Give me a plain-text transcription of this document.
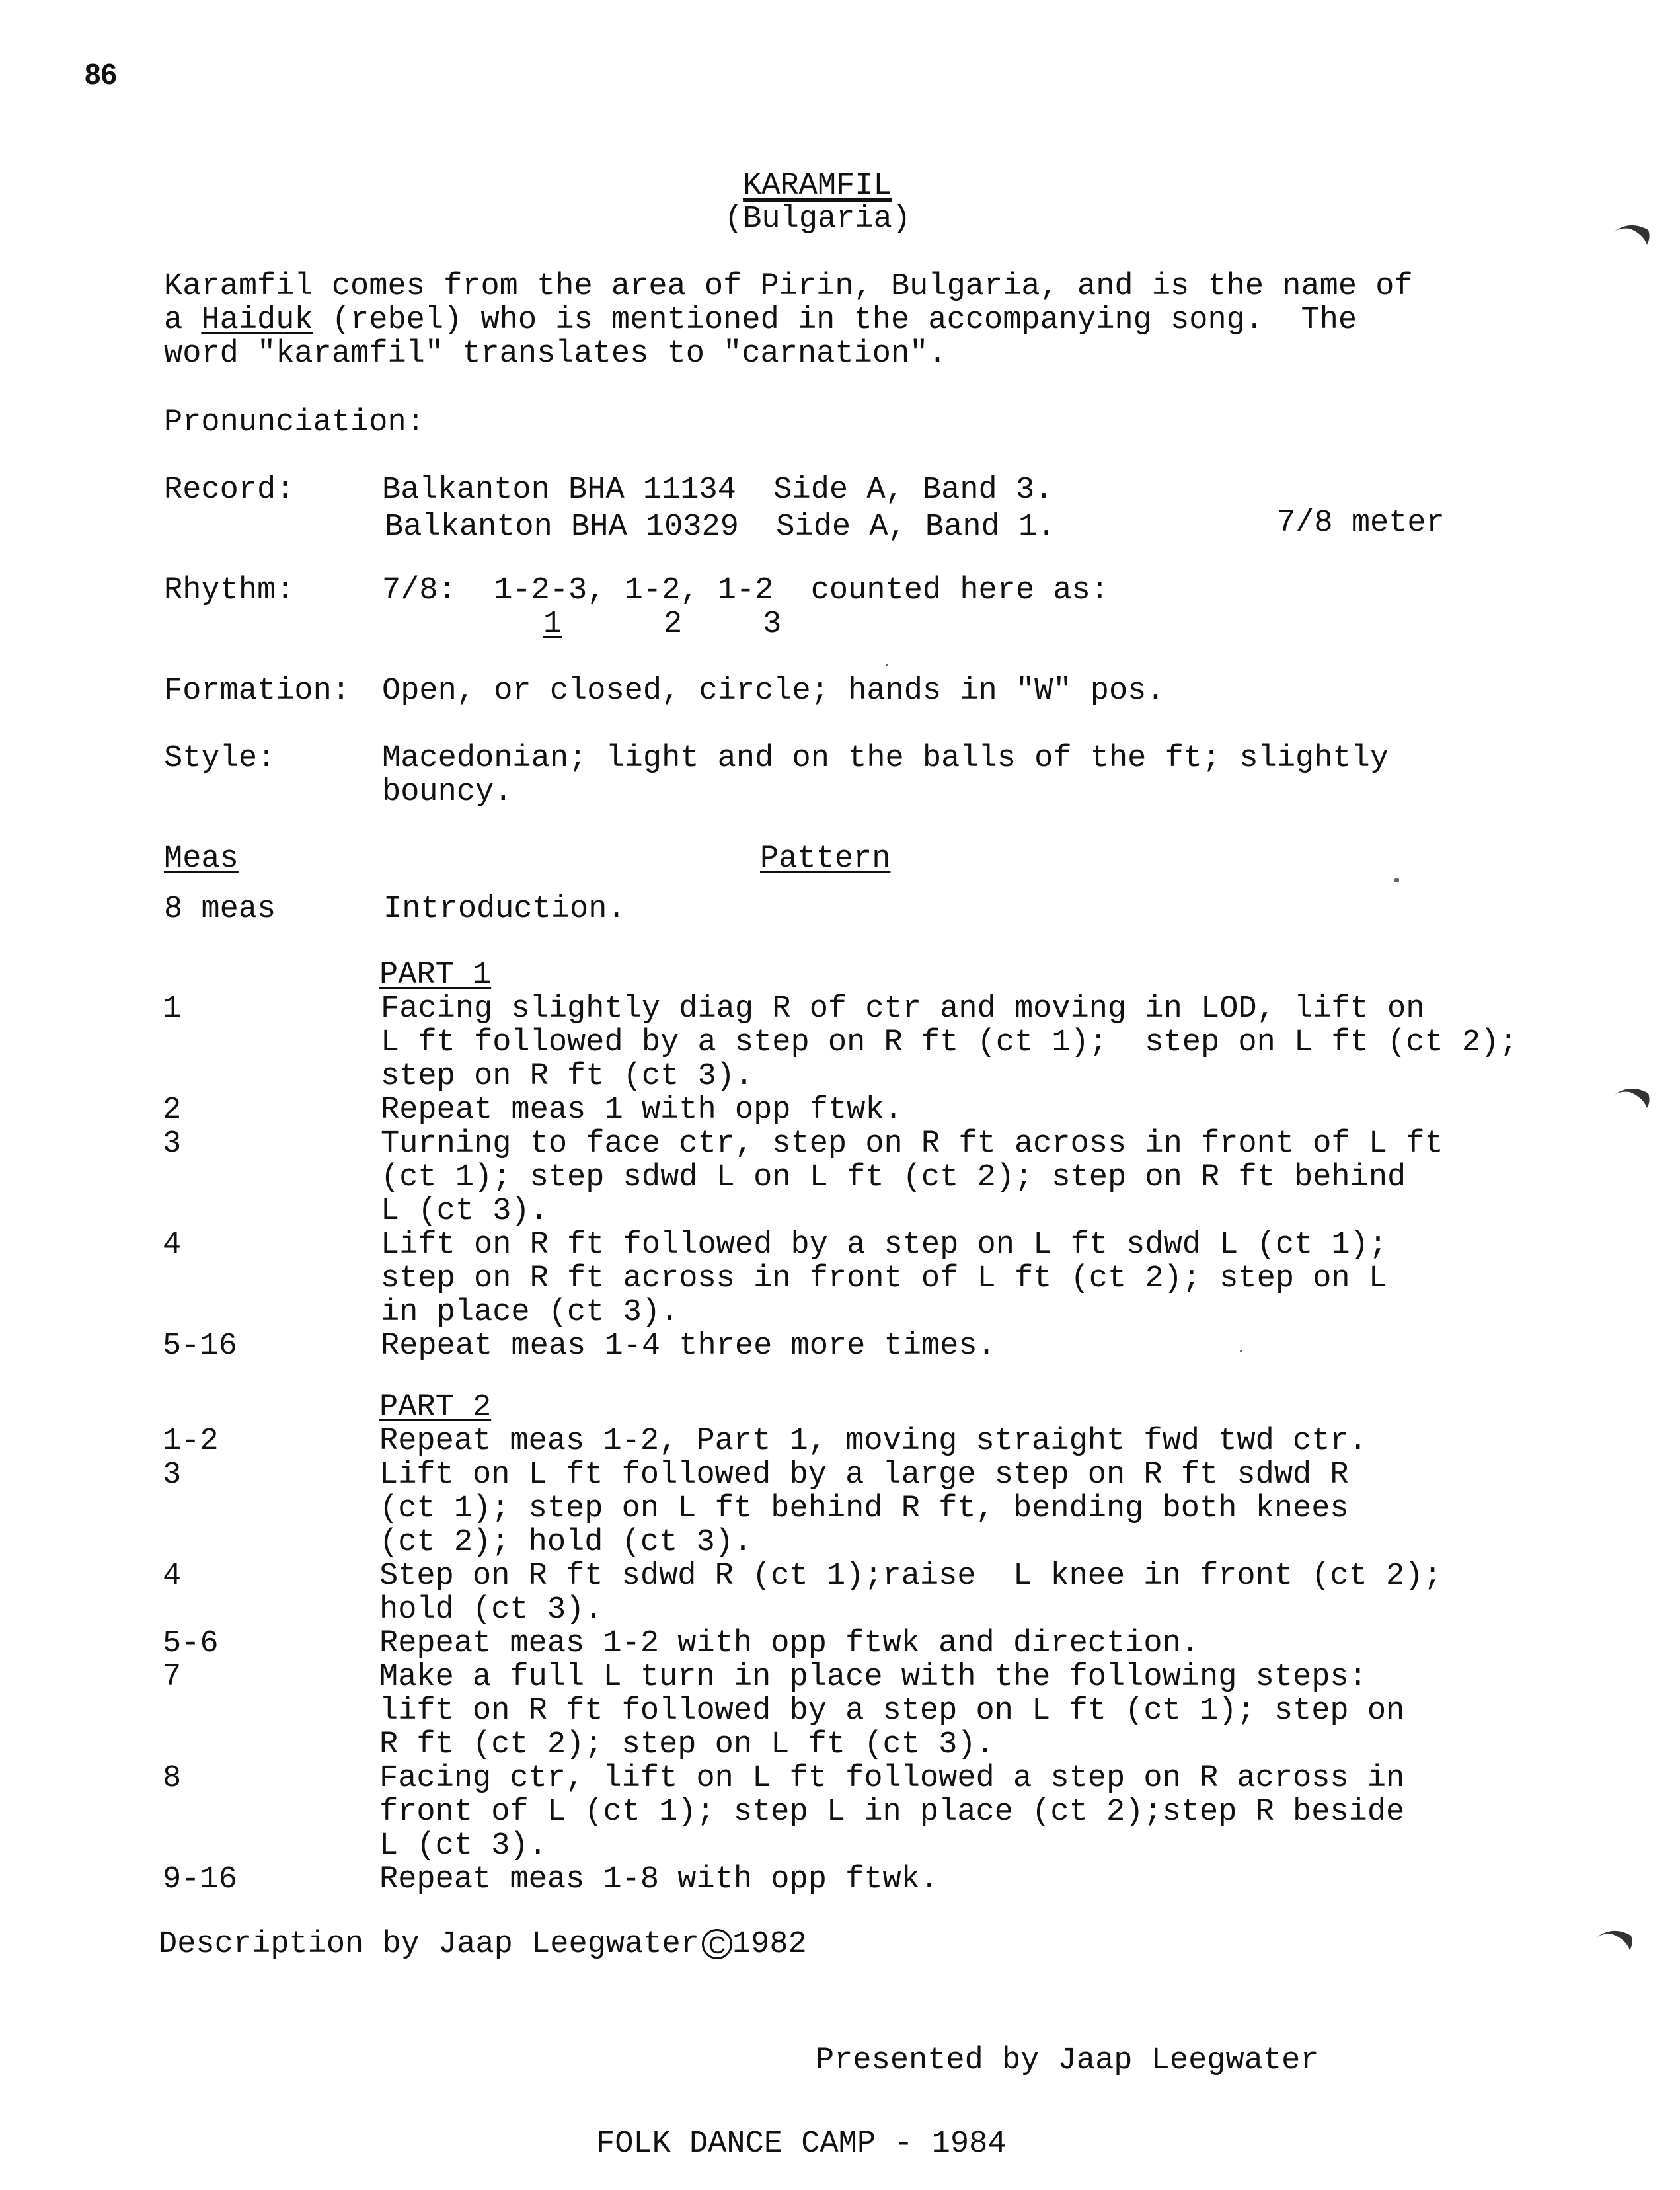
86
KARAMFIL
(Bulgaria)
Karamfil comes from the area of Pirin, Bulgaria, and is the name of
a Haiduk (rebel) who is mentioned in the accompanying song.  The
word "karamfil" translates to "carnation".
Pronunciation:
Record:	Balkanton BHA 11134  Side A, Band 3.
Balkanton BHA 10329  Side A, Band 1.	7/8 meter
Rhythm:	7/8:  1-2-3, 1-2, 1-2  counted here as:
1	2	3
Formation: Open, or closed, circle; hands in "W" pos.
Style:	Macedonian; light and on the balls of the ft; slightly
bouncy.
Meas	Pattern
8 meas	Introduction.
PART 1
1	Facing slightly diag R of ctr and moving in LOD, lift on
L ft followed by a step on R ft (ct 1);  step on L ft (ct 2);
step on R ft (ct 3).
2	Repeat meas 1 with opp ftwk.
3	Turning to face ctr, step on R ft across in front of L ft
(ct 1); step sdwd L on L ft (ct 2); step on R ft behind
L (ct 3).
4	Lift on R ft followed by a step on L ft sdwd L (ct 1);
step on R ft across in front of L ft (ct 2); step on L
in place (ct 3).
5-16	Repeat meas 1-4 three more times.
PART 2
1-2	Repeat meas 1-2, Part 1, moving straight fwd twd ctr.
3	Lift on L ft followed by a large step on R ft sdwd R
(ct 1); step on L ft behind R ft, bending both knees
(ct 2); hold (ct 3).
4	Step on R ft sdwd R (ct 1);raise  L knee in front (ct 2);
hold (ct 3).
5-6	Repeat meas 1-2 with opp ftwk and direction.
7	Make a full L turn in place with the following steps:
lift on R ft followed by a step on L ft (ct 1); step on
R ft (ct 2); step on L ft (ct 3).
8	Facing ctr, lift on L ft followed a step on R across in
front of L (ct 1); step L in place (ct 2);step R beside
L (ct 3).
9-16	Repeat meas 1-8 with opp ftwk.
Description by Jaap Leegwater C 1982
Presented by Jaap Leegwater
FOLK DANCE CAMP - 1984
